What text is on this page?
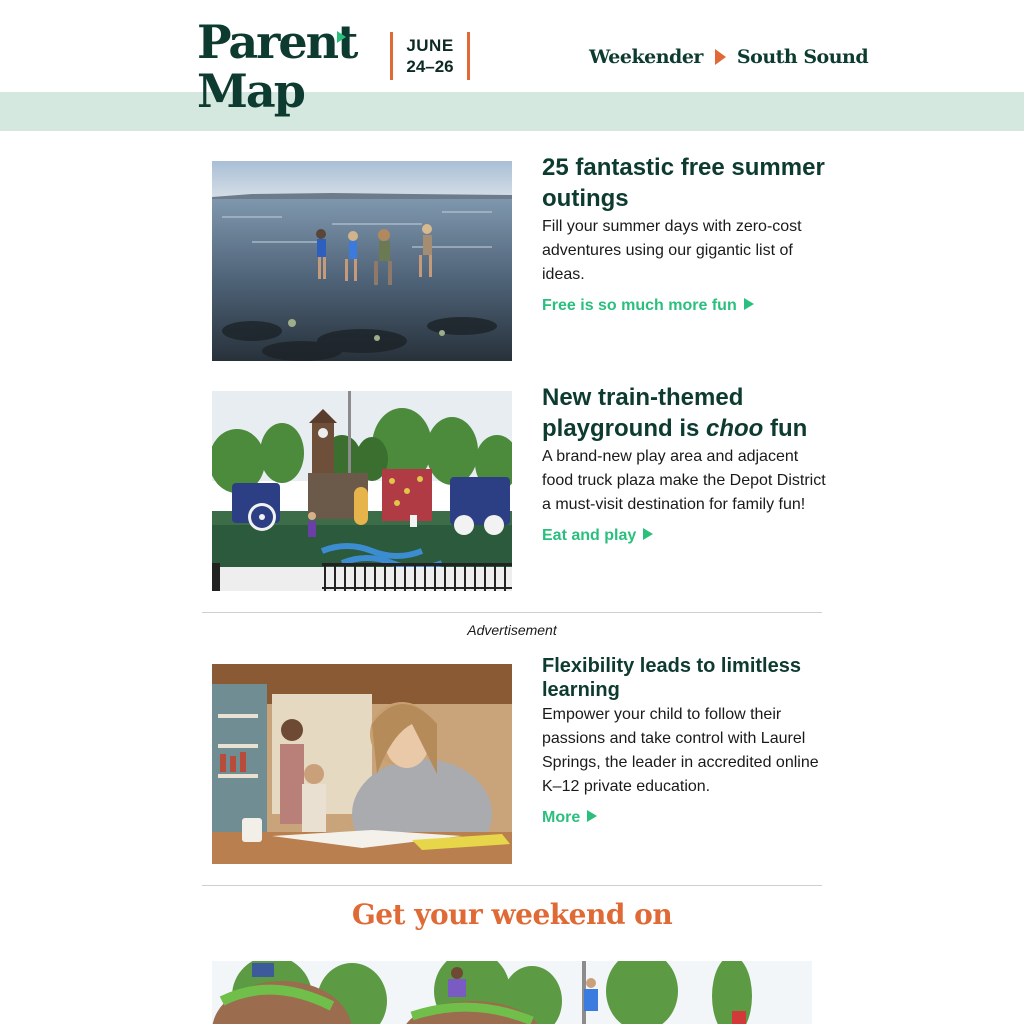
Parent
Map
JUNE
24–26	Weekender South Sound
25 fantastic free summer outings

Fill your summer days with zero-cost adventures using our gigantic list of ideas.

Free is so much more fun
New train-themed playground is choo fun

A brand-new play area and adjacent food truck plaza make the Depot District a must-visit destination for family fun!

Eat and play
Advertisement
Flexibility leads to limitless learning

Empower your child to follow their passions and take control with Laurel Springs, the leader in accredited online K–12 private education.

More
Get your weekend on
